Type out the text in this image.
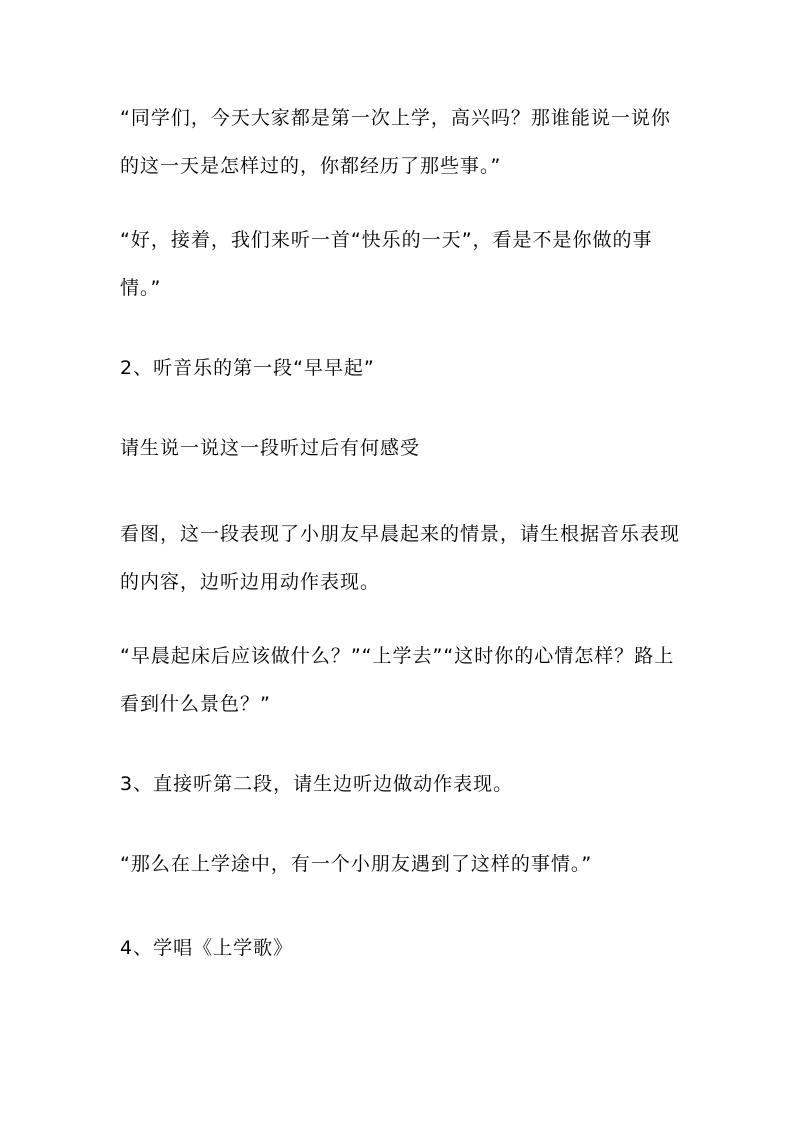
“同学们，今天大家都是第一次上学，高兴吗？那谁能说一说你的这一天是怎样过的，你都经历了那些事。”

“好，接着，我们来听一首“快乐的一天”，看是不是你做的事情。”

2、听音乐的第一段“早早起”

请生说一说这一段听过后有何感受

看图，这一段表现了小朋友早晨起来的情景，请生根据音乐表现的内容，边听边用动作表现。

“早晨起床后应该做什么？”“上学去”“这时你的心情怎样？路上看到什么景色？”

3、直接听第二段，请生边听边做动作表现。

“那么在上学途中，有一个小朋友遇到了这样的事情。”

4、学唱《上学歌》
